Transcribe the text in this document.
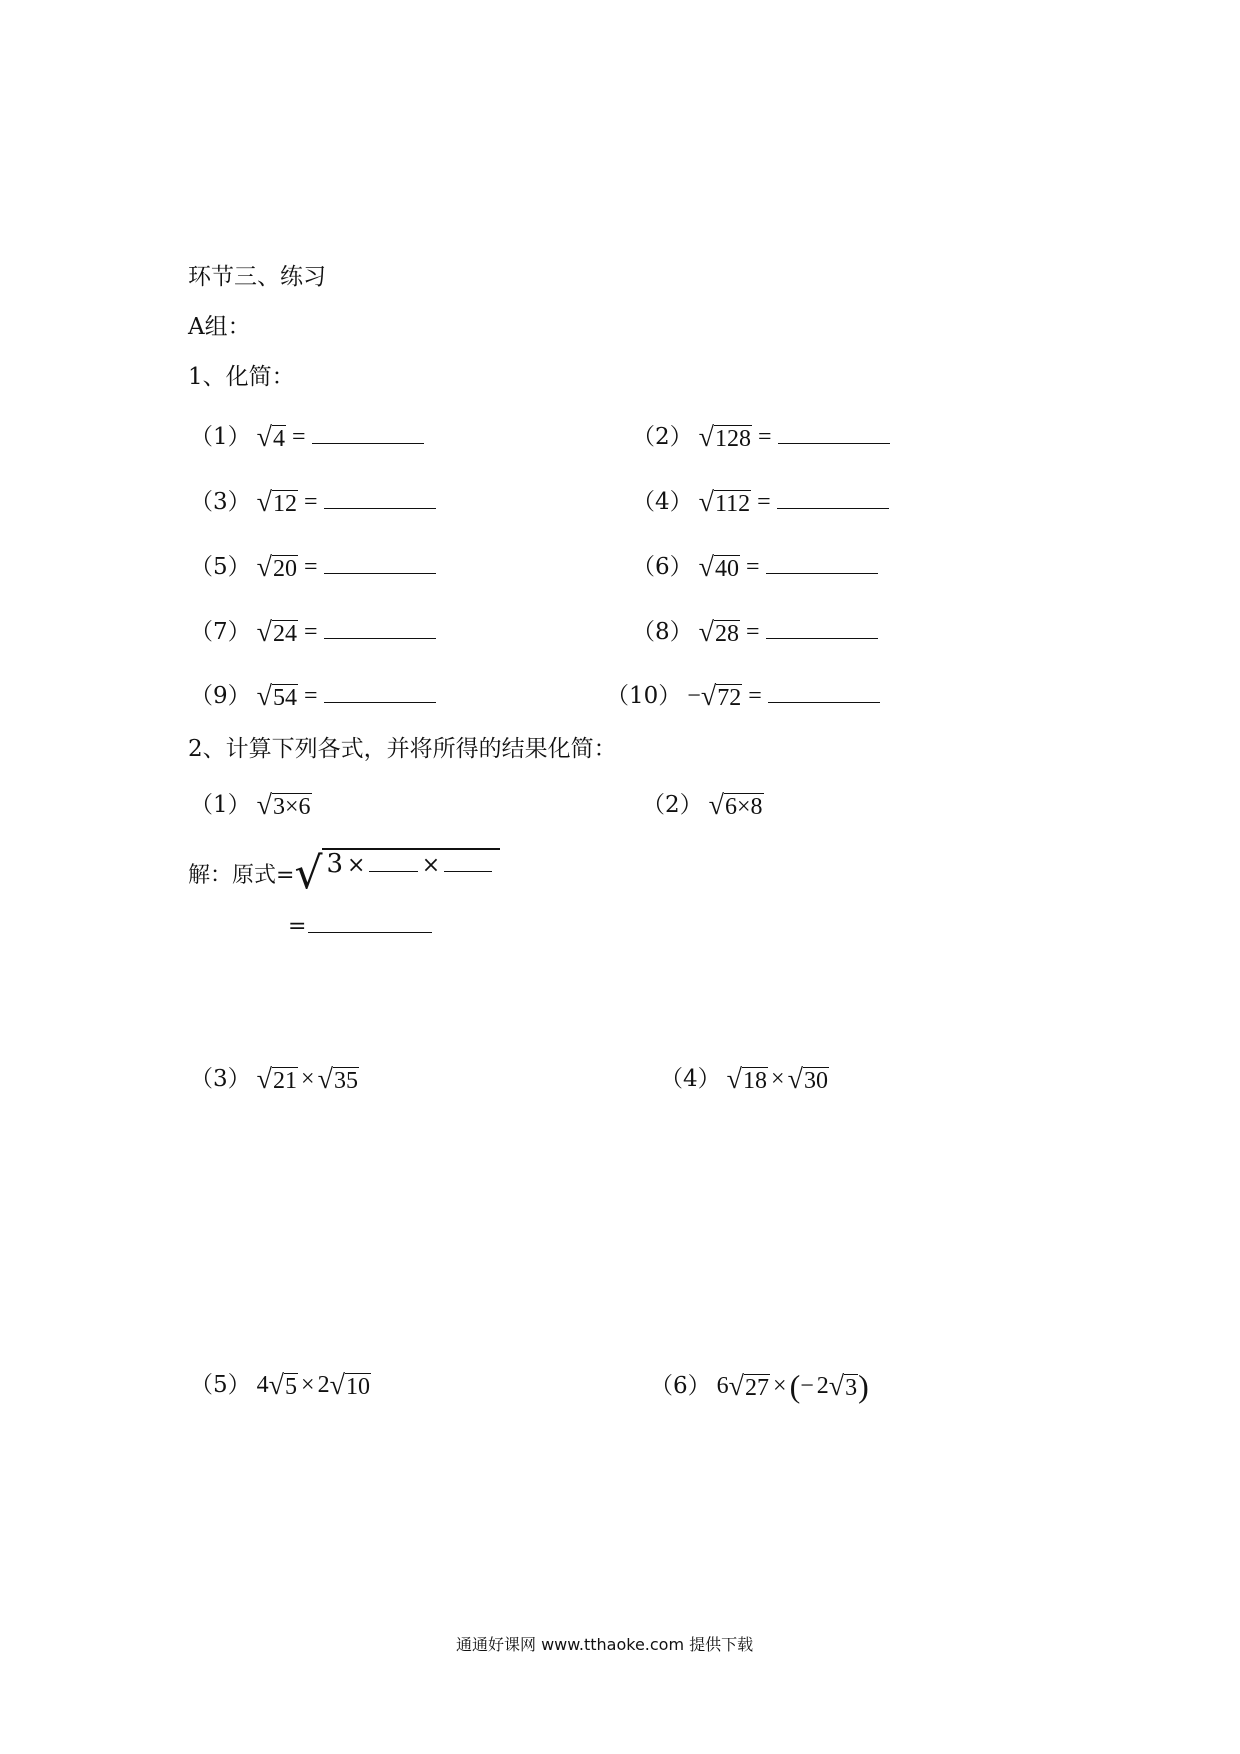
环节三、练习
A组：
1、化简：
（1） √ 4 =	（2） √ 128 =
（3） √ 12 =	（4） √ 112 =
（5） √ 20 =	（6） √ 40 =
（7） √ 24 =	（8） √ 28 =
（9） √ 54 =	（10） − √ 72 =
2、计算下列各式，并将所得的结果化简：
（1） √ 3×6	（2） √ 6×8
解：原式= √ 3 ×	×
=
（3） √ 21 × √ 35	（4） √ 18 × √ 30
（5） 4 √ 5 × 2 √ 10	（6） 6 √ 27 × ( − 2 √ 3 )
通通好课网 www.tthaoke.com 提供下载
